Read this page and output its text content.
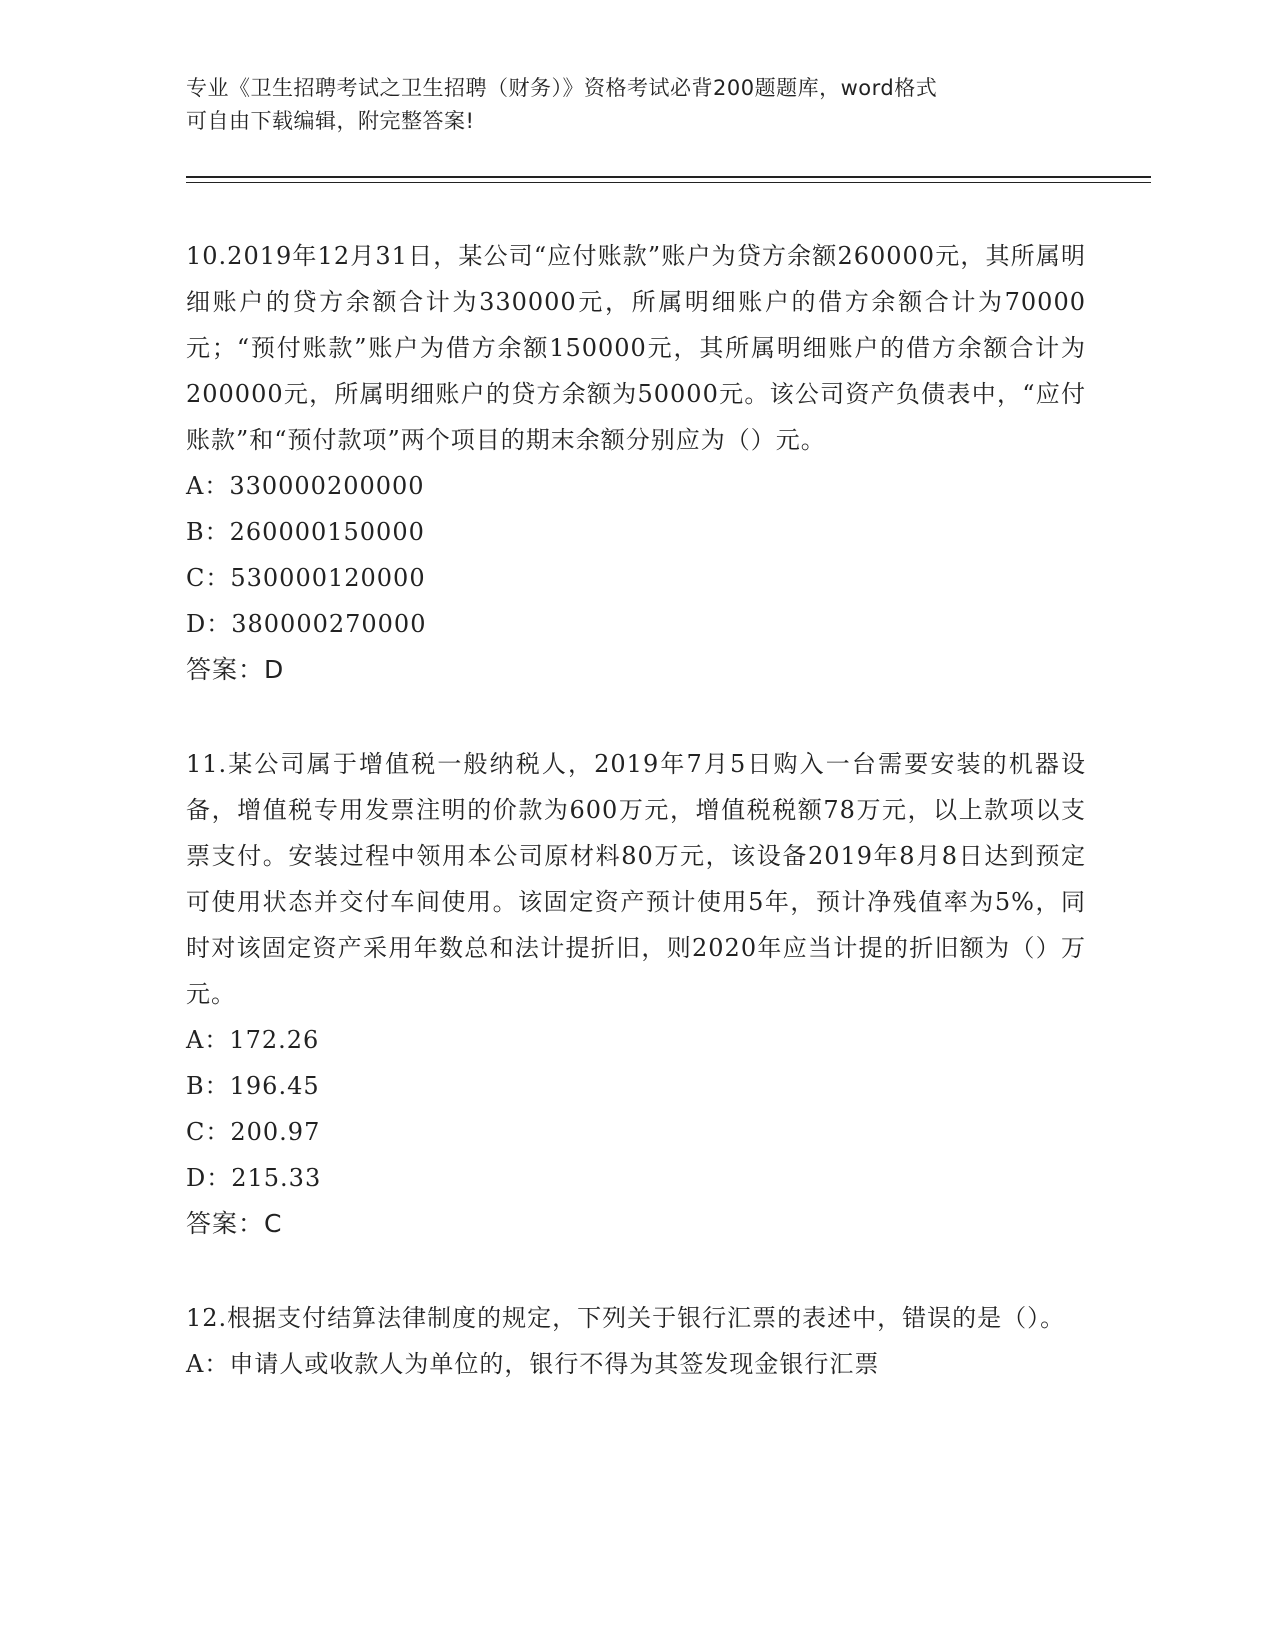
专业《卫生招聘考试之卫生招聘（财务）》资格考试必背200题题库，word格式
可自由下载编辑，附完整答案!

10.2019年12月31日，某公司“应付账款”账户为贷方余额260000元，其所属明细账户的贷方余额合计为330000元，所属明细账户的借方余额合计为70000元；“预付账款”账户为借方余额150000元，其所属明细账户的借方余额合计为200000元，所属明细账户的贷方余额为50000元。该公司资产负债表中，“应付账款”和“预付款项”两个项目的期末余额分别应为（）元。

A：330000200000

B：260000150000

C：530000120000

D：380000270000

答案：D

11.某公司属于增值税一般纳税人，2019年7月5日购入一台需要安装的机器设备，增值税专用发票注明的价款为600万元，增值税税额78万元，以上款项以支票支付。安装过程中领用本公司原材料80万元，该设备2019年8月8日达到预定可使用状态并交付车间使用。该固定资产预计使用5年，预计净残值率为5%，同时对该固定资产采用年数总和法计提折旧，则2020年应当计提的折旧额为（）万元。

A：172.26

B：196.45

C：200.97

D：215.33

答案：C

12.根据支付结算法律制度的规定，下列关于银行汇票的表述中，错误的是（）。

A：申请人或收款人为单位的，银行不得为其签发现金银行汇票
